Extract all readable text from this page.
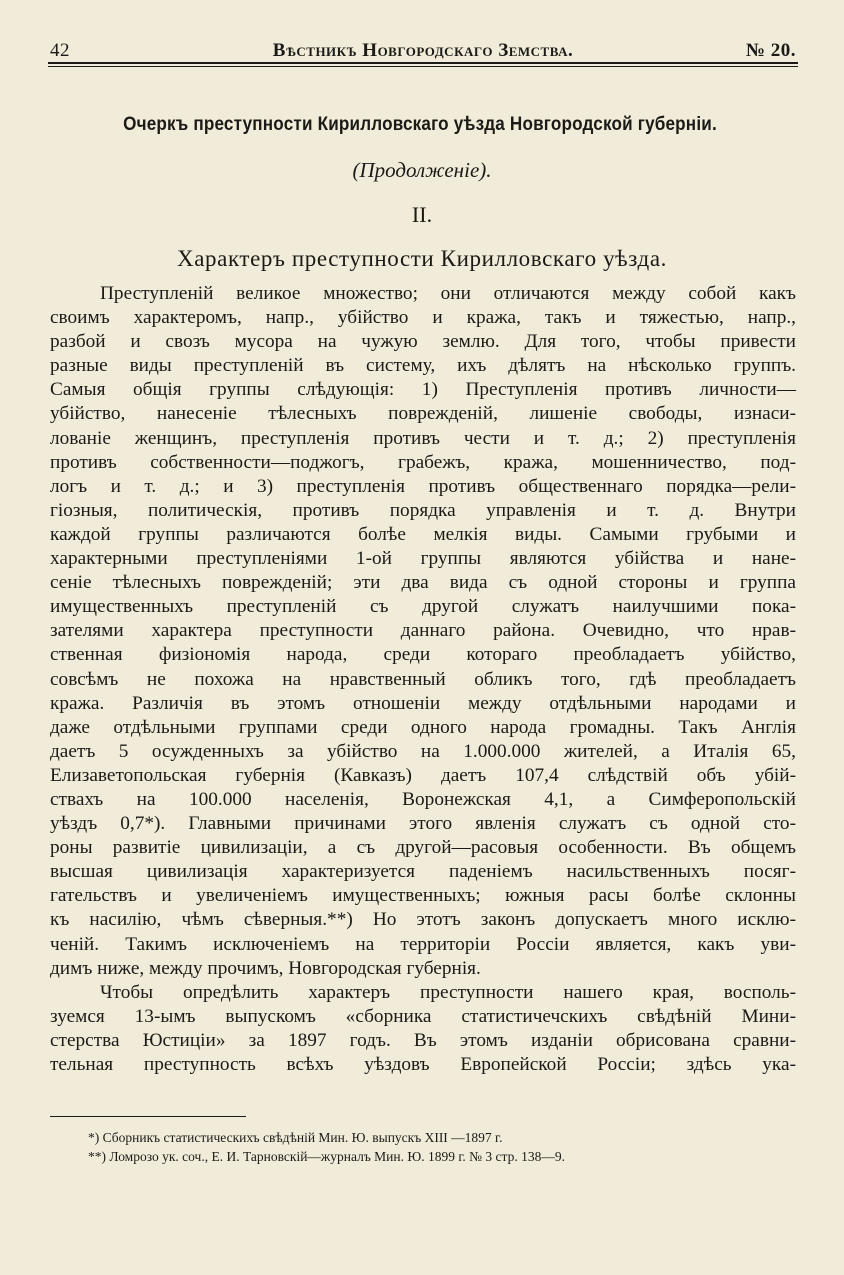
42	Вѣстникъ Новгородскаго Земства.	№ 20.
Очеркъ преступности Кирилловскаго уѣзда Новгородской губерніи.
(Продолженіе).
II.
Характеръ преступности Кирилловскаго уѣзда.
Преступленій великое множество; они отличаются между собой какъ
своимъ характеромъ, напр., убійство и кража, такъ и тяжестью, напр.,
разбой и свозъ мусора на чужую землю. Для того, чтобы привести
разные виды преступленій въ систему, ихъ дѣлятъ на нѣсколько группъ.
Самыя общія группы слѣдующія: 1) Преступленія противъ личности—
убійство, нанесеніе тѣлесныхъ поврежденій, лишеніе свободы, изнаси-
лованіе женщинъ, преступленія противъ чести и т. д.; 2) преступленія
противъ собственности—поджогъ, грабежъ, кража, мошенничество, под-
логъ и т. д.; и 3) преступленія противъ общественнаго порядка—рели-
гіозныя, политическія, противъ порядка управленія и т. д. Внутри
каждой группы различаются болѣе мелкія виды. Самыми грубыми и
характерными преступленіями 1-ой группы являются убійства и нане-
сеніе тѣлесныхъ поврежденій; эти два вида съ одной стороны и группа
имущественныхъ преступленій съ другой служатъ наилучшими пока-
зателями характера преступности даннаго района. Очевидно, что нрав-
ственная физіономія народа, среди котораго преобладаетъ убійство,
совсѣмъ не похожа на нравственный обликъ того, гдѣ преобладаетъ
кража. Различія въ этомъ отношеніи между отдѣльными народами и
даже отдѣльными группами среди одного народа громадны. Такъ Англія
даетъ 5 осужденныхъ за убійство на 1.000.000 жителей, а Италія 65,
Елизаветопольская губернія (Кавказъ) даетъ 107,4 слѣдствій объ убій-
ствахъ на 100.000 населенія, Воронежская 4,1, а Симферопольскій
уѣздъ 0,7*). Главными причинами этого явленія служатъ съ одной сто-
роны развитіе цивилизаціи, а съ другой—расовыя особенности. Въ общемъ
высшая цивилизація характеризуется паденіемъ насильственныхъ посяг-
гательствъ и увеличеніемъ имущественныхъ; южныя расы болѣе склонны
къ насилію, чѣмъ сѣверныя.**) Но этотъ законъ допускаетъ много исклю-
ченій. Такимъ исключеніемъ на территоріи Россіи является, какъ уви-
димъ ниже, между прочимъ, Новгородская губернія.
Чтобы опредѣлить характеръ преступности нашего края, восполь-
зуемся 13-ымъ выпускомъ «сборника статистичечскихъ свѣдѣній Мини-
стерства Юстиціи» за 1897 годъ. Въ этомъ изданіи обрисована сравни-
тельная преступность всѣхъ уѣздовъ Европейской Россіи; здѣсь ука-
*) Сборникъ статистическихъ свѣдѣній Мин. Ю. выпускъ XIII —1897 г.
**) Ломрозо ук. соч., Е. И. Тарновскій—журналъ Мин. Ю. 1899 г. № 3 стр. 138—9.
